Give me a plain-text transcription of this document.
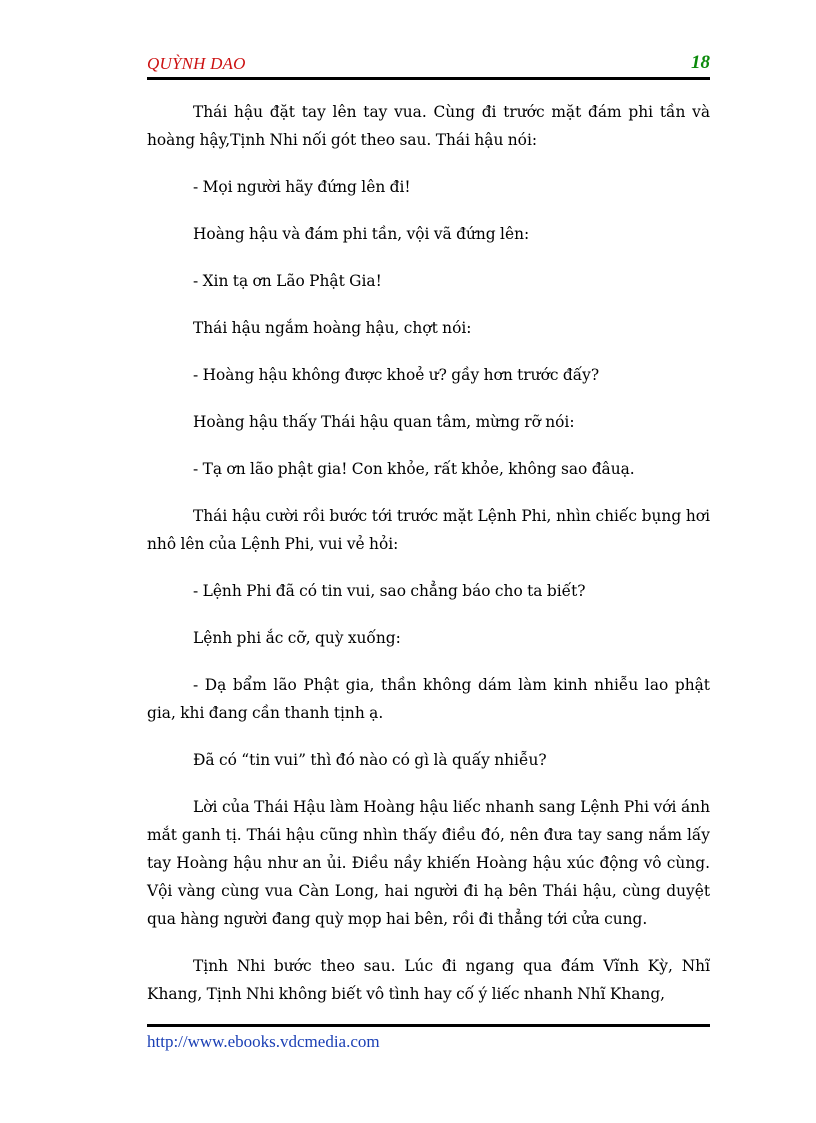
QUỲNH DAO	18

Thái hậu đặt tay lên tay vua. Cùng đi trước mặt đám phi tần và hoàng hậy,Tịnh Nhi nối gót theo sau. Thái hậu nói:

- Mọi người hãy đứng lên đi!

Hoàng hậu và đám phi tần, vội vã đứng lên:

- Xin tạ ơn Lão Phật Gia!

Thái hậu ngắm hoàng hậu, chợt nói:

- Hoàng hậu không được khoẻ ư? gầy hơn trước đấy?

Hoàng hậu thấy Thái hậu quan tâm, mừng rỡ nói:

- Tạ ơn lão phật gia! Con khỏe, rất khỏe, không sao đâuạ.

Thái hậu cười rồi bước tới trước mặt Lệnh Phi, nhìn chiếc bụng hơi nhô lên của Lệnh Phi, vui vẻ hỏi:

- Lệnh Phi đã có tin vui, sao chẳng báo cho ta biết?

Lệnh phi ắc cỡ, quỳ xuống:

- Dạ bẩm lão Phật gia, thần không dám làm kinh nhiễu lao phật gia, khi đang cần thanh tịnh ạ.

Đã có “tin vui” thì đó nào có gì là quấy nhiễu?

Lời của Thái Hậu làm Hoàng hậu liếc nhanh sang Lệnh Phi với ánh mắt ganh tị. Thái hậu cũng nhìn thấy điều đó, nên đưa tay sang nắm lấy tay Hoàng hậu như an ủi. Điều nầy khiến Hoàng hậu xúc động vô cùng. Vội vàng cùng vua Càn Long, hai người đi hạ bên Thái hậu, cùng duyệt qua hàng người đang quỳ mọp hai bên, rồi đi thẳng tới cửa cung.

Tịnh Nhi bước theo sau. Lúc đi ngang qua đám Vĩnh Kỳ, Nhĩ Khang, Tịnh Nhi không biết vô tình hay cố ý liếc nhanh Nhĩ Khang,

http://www.ebooks.vdcmedia.com
